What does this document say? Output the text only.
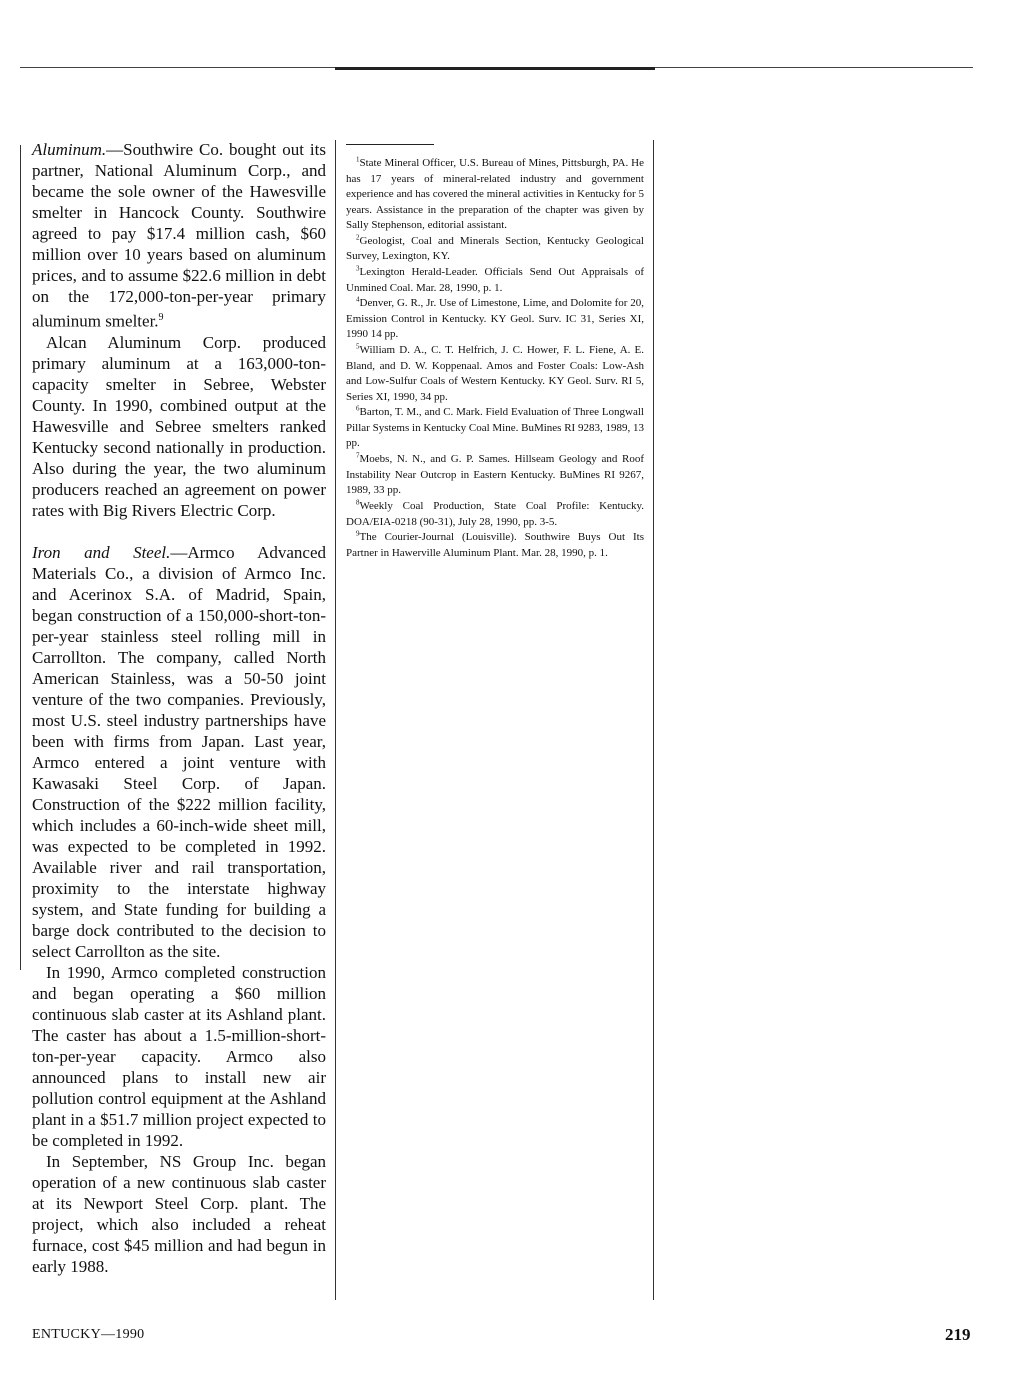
Aluminum.—Southwire Co. bought out its partner, National Aluminum Corp., and became the sole owner of the Hawesville smelter in Hancock County. Southwire agreed to pay $17.4 million cash, $60 million over 10 years based on aluminum prices, and to assume $22.6 million in debt on the 172,000-ton-per-year primary aluminum smelter.$^9$

Alcan Aluminum Corp. produced primary aluminum at a 163,000-ton-capacity smelter in Sebree, Webster County. In 1990, combined output at the Hawesville and Sebree smelters ranked Kentucky second nationally in production. Also during the year, the two aluminum producers reached an agreement on power rates with Big Rivers Electric Corp.

Iron and Steel.—Armco Advanced Materials Co., a division of Armco Inc. and Acerinox S.A. of Madrid, Spain, began construction of a 150,000-short-ton-per-year stainless steel rolling mill in Carrollton. The company, called North American Stainless, was a 50-50 joint venture of the two companies. Previously, most U.S. steel industry partnerships have been with firms from Japan. Last year, Armco entered a joint venture with Kawasaki Steel Corp. of Japan. Construction of the $222 million facility, which includes a 60-inch-wide sheet mill, was expected to be completed in 1992. Available river and rail transportation, proximity to the interstate highway system, and State funding for building a barge dock contributed to the decision to select Carrollton as the site.

In 1990, Armco completed construction and began operating a $60 million continuous slab caster at its Ashland plant. The caster has about a 1.5-million-short-ton-per-year capacity. Armco also announced plans to install new air pollution control equipment at the Ashland plant in a $51.7 million project expected to be completed in 1992.

In September, NS Group Inc. began operation of a new continuous slab caster at its Newport Steel Corp. plant. The project, which also included a reheat furnace, cost $45 million and had begun in early 1988.

$^1$State Mineral Officer, U.S. Bureau of Mines, Pittsburgh, PA. He has 17 years of mineral-related industry and government experience and has covered the mineral activities in Kentucky for 5 years. Assistance in the preparation of the chapter was given by Sally Stephenson, editorial assistant.

$^2$Geologist, Coal and Minerals Section, Kentucky Geological Survey, Lexington, KY.

$^3$Lexington Herald-Leader. Officials Send Out Appraisals of Unmined Coal. Mar. 28, 1990, p. 1.

$^4$Denver, G. R., Jr. Use of Limestone, Lime, and Dolomite for 20, Emission Control in Kentucky. KY Geol. Surv. IC 31, Series XI, 1990 14 pp.

$^5$William D. A., C. T. Helfrich, J. C. Hower, F. L. Fiene, A. E. Bland, and D. W. Koppenaal. Amos and Foster Coals: Low-Ash and Low-Sulfur Coals of Western Kentucky. KY Geol. Surv. RI 5, Series XI, 1990, 34 pp.

$^6$Barton, T. M., and C. Mark. Field Evaluation of Three Longwall Pillar Systems in Kentucky Coal Mine. BuMines RI 9283, 1989, 13 pp.

$^7$Moebs, N. N., and G. P. Sames. Hillseam Geology and Roof Instability Near Outcrop in Eastern Kentucky. BuMines RI 9267, 1989, 33 pp.

$^8$Weekly Coal Production, State Coal Profile: Kentucky. DOA/EIA-0218 (90-31), July 28, 1990, pp. 3-5.

$^9$The Courier-Journal (Louisville). Southwire Buys Out Its Partner in Hawerville Aluminum Plant. Mar. 28, 1990, p. 1.

ENTUCKY—1990	219
